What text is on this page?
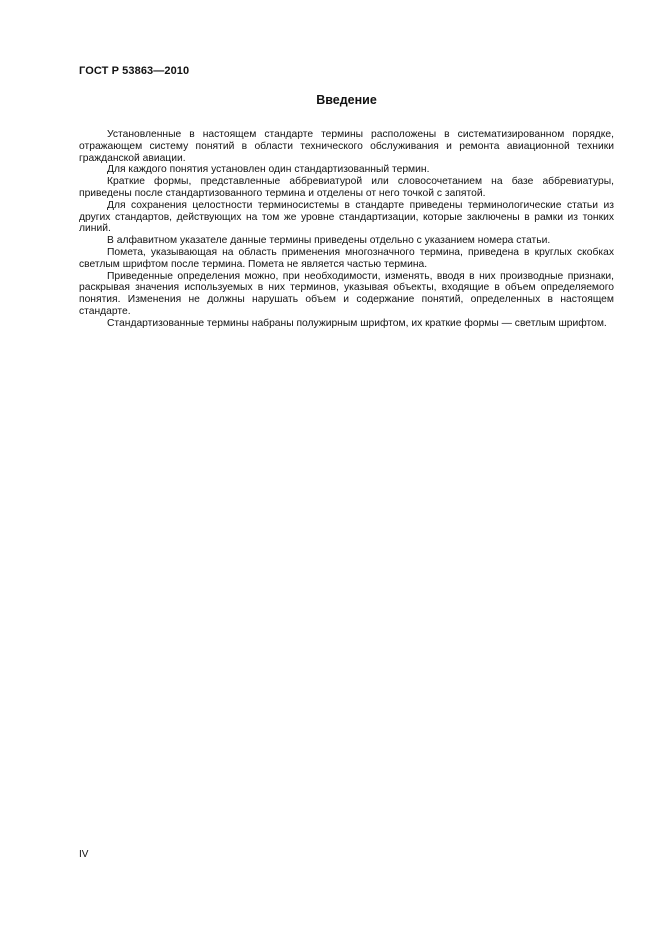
ГОСТ Р 53863—2010
Введение

Установленные в настоящем стандарте термины расположены в систематизированном порядке, отражающем систему понятий в области технического обслуживания и ремонта авиационной техники гражданской авиации.

Для каждого понятия установлен один стандартизованный термин.

Краткие формы, представленные аббревиатурой или словосочетанием на базе аббревиатуры, приведены после стандартизованного термина и отделены от него точкой с запятой.

Для сохранения целостности терминосистемы в стандарте приведены терминологические статьи из других стандартов, действующих на том же уровне стандартизации, которые заключены в рамки из тонких линий.

В алфавитном указателе данные термины приведены отдельно с указанием номера статьи.

Помета, указывающая на область применения многозначного термина, приведена в круглых скобках светлым шрифтом после термина. Помета не является частью термина.

Приведенные определения можно, при необходимости, изменять, вводя в них производные признаки, раскрывая значения используемых в них терминов, указывая объекты, входящие в объем определяемого понятия. Изменения не должны нарушать объем и содержание понятий, определенных в настоящем стандарте.

Стандартизованные термины набраны полужирным шрифтом, их краткие формы — светлым шрифтом.

IV
